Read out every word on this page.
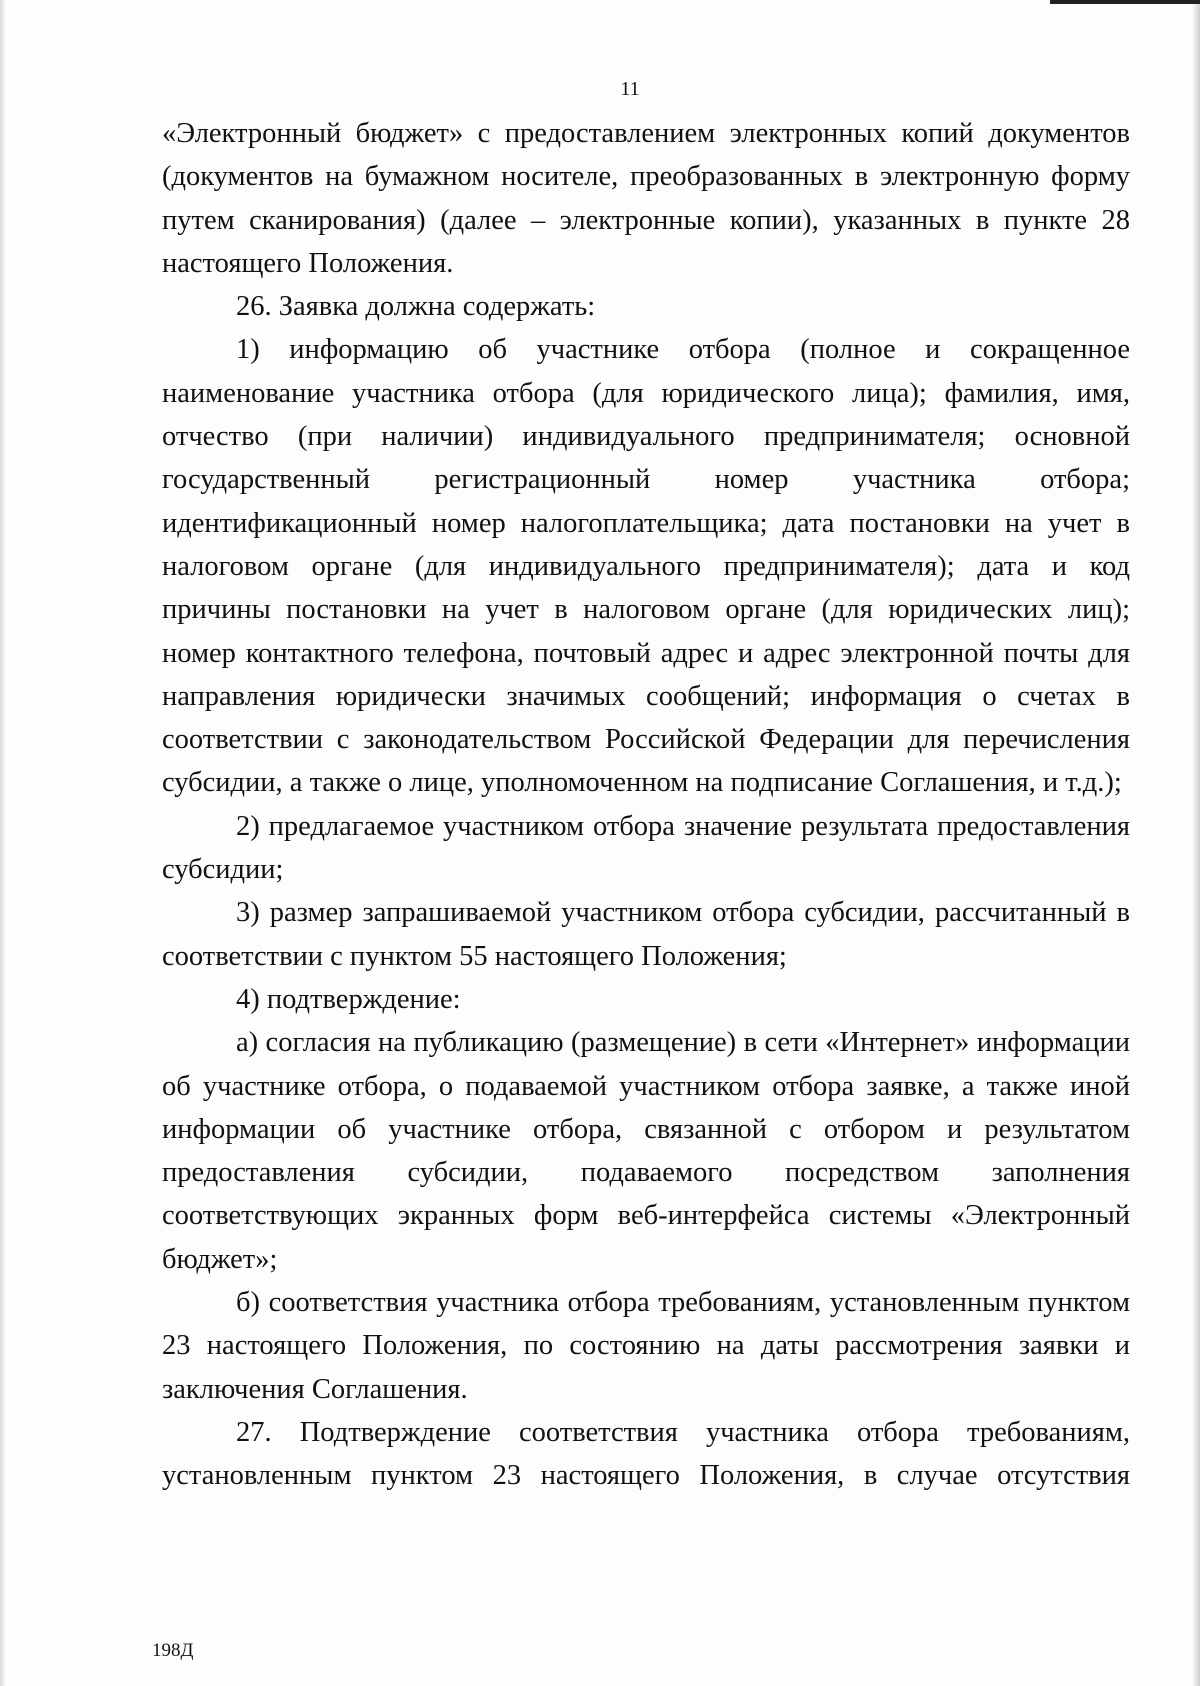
11

«Электронный бюджет» с предоставлением электронных копий документов (документов на бумажном носителе, преобразованных в электронную форму путем сканирования) (далее – электронные копии), указанных в пункте 28 настоящего Положения.

26. Заявка должна содержать:

1) информацию об участнике отбора (полное и сокращенное наименование участника отбора (для юридического лица); фамилия, имя, отчество (при наличии) индивидуального предпринимателя; основной государственный регистрационный номер участника отбора; идентификационный номер налогоплательщика; дата постановки на учет в налоговом органе (для индивидуального предпринимателя); дата и код причины постановки на учет в налоговом органе (для юридических лиц); номер контактного телефона, почтовый адрес и адрес электронной почты для направления юридически значимых сообщений; информация о счетах в соответствии с законодательством Российской Федерации для перечисления субсидии, а также о лице, уполномоченном на подписание Соглашения, и т.д.);

2) предлагаемое участником отбора значение результата предоставления субсидии;

3) размер запрашиваемой участником отбора субсидии, рассчитанный в соответствии с пунктом 55 настоящего Положения;

4) подтверждение:

а) согласия на публикацию (размещение) в сети «Интернет» информации об участнике отбора, о подаваемой участником отбора заявке, а также иной информации об участнике отбора, связанной с отбором и результатом предоставления субсидии, подаваемого посредством заполнения соответствующих экранных форм веб-интерфейса системы «Электронный бюджет»;

б) соответствия участника отбора требованиям, установленным пунктом 23 настоящего Положения, по состоянию на даты рассмотрения заявки и заключения Соглашения.

27. Подтверждение соответствия участника отбора требованиям, установленным пунктом 23 настоящего Положения, в случае отсутствия

198Д
